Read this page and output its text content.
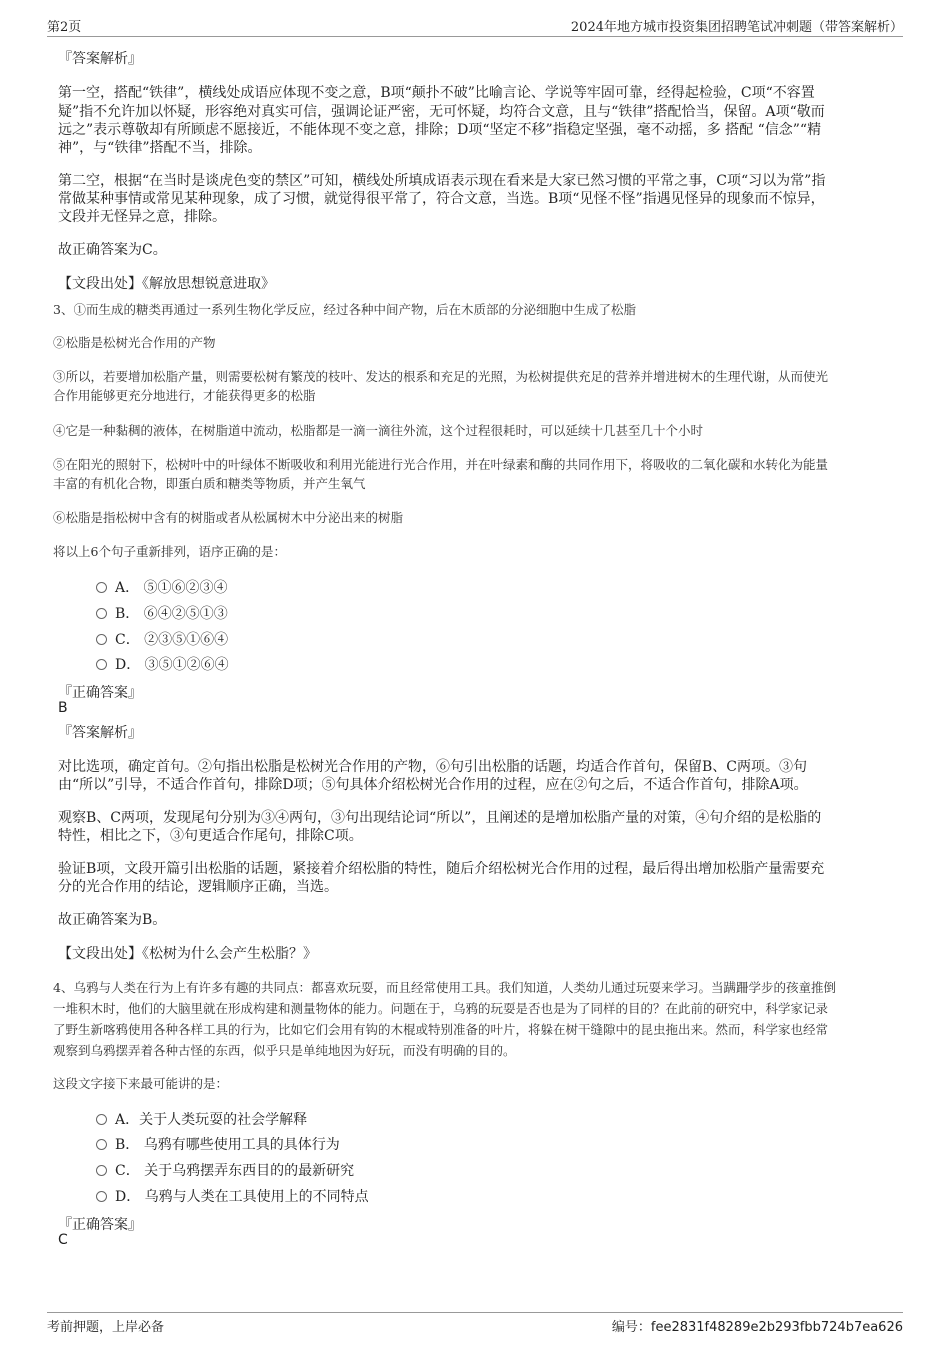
第2页	2024年地方城市投资集团招聘笔试冲刺题（带答案解析）
『答案解析』
第一空，搭配“铁律”，横线处成语应体现不变之意，B项“颠扑不破”比喻言论、学说等牢固可靠，经得起检验，C项“不容置
疑”指不允许加以怀疑，形容绝对真实可信，强调论证严密，无可怀疑，均符合文意，且与“铁律”搭配恰当，保留。A项“敬而
远之”表示尊敬却有所顾虑不愿接近，不能体现不变之意，排除；D项“坚定不移”指稳定坚强，毫不动摇，多 搭配 “信念”“精
神”，与“铁律”搭配不当，排除。
第二空，根据“在当时是谈虎色变的禁区”可知，横线处所填成语表示现在看来是大家已然习惯的平常之事，C项“习以为常”指
常做某种事情或常见某种现象，成了习惯，就觉得很平常了，符合文意，当选。B项“见怪不怪”指遇见怪异的现象而不惊异，
文段并无怪异之意，排除。
故正确答案为C。
【文段出处】《解放思想锐意进取》
3、①而生成的糖类再通过一系列生物化学反应，经过各种中间产物，后在木质部的分泌细胞中生成了松脂
②松脂是松树光合作用的产物
③所以，若要增加松脂产量，则需要松树有繁茂的枝叶、发达的根系和充足的光照，为松树提供充足的营养并增进树木的生理代谢，从而使光
合作用能够更充分地进行，才能获得更多的松脂
④它是一种黏稠的液体，在树脂道中流动，松脂都是一滴一滴往外流，这个过程很耗时，可以延续十几甚至几十个小时
⑤在阳光的照射下，松树叶中的叶绿体不断吸收和利用光能进行光合作用，并在叶绿素和酶的共同作用下，将吸收的二氧化碳和水转化为能量
丰富的有机化合物，即蛋白质和糖类等物质，并产生氧气
⑥松脂是指松树中含有的树脂或者从松属树木中分泌出来的树脂
将以上6个句子重新排列，语序正确的是：
A． ⑤①⑥②③④
B． ⑥④②⑤①③
C． ②③⑤①⑥④
D． ③⑤①②⑥④
『正确答案』
B
『答案解析』
对比选项，确定首句。②句指出松脂是松树光合作用的产物，⑥句引出松脂的话题，均适合作首句，保留B、C两项。③句
由“所以”引导，不适合作首句，排除D项；⑤句具体介绍松树光合作用的过程，应在②句之后，不适合作首句，排除A项。
观察B、C两项，发现尾句分别为③④两句，③句出现结论词“所以”，且阐述的是增加松脂产量的对策，④句介绍的是松脂的
特性，相比之下，③句更适合作尾句，排除C项。
验证B项，文段开篇引出松脂的话题，紧接着介绍松脂的特性，随后介绍松树光合作用的过程，最后得出增加松脂产量需要充
分的光合作用的结论，逻辑顺序正确，当选。
故正确答案为B。
【文段出处】《松树为什么会产生松脂？》
4、乌鸦与人类在行为上有许多有趣的共同点：都喜欢玩耍，而且经常使用工具。我们知道，人类幼儿通过玩耍来学习。当蹒跚学步的孩童推倒
一堆积木时，他们的大脑里就在形成构建和测量物体的能力。问题在于，乌鸦的玩耍是否也是为了同样的目的？在此前的研究中，科学家记录
了野生新喀鸦使用各种各样工具的行为，比如它们会用有钩的木棍或特别准备的叶片，将躲在树干缝隙中的昆虫拖出来。然而，科学家也经常
观察到乌鸦摆弄着各种古怪的东西，似乎只是单纯地因为好玩，而没有明确的目的。
这段文字接下来最可能讲的是：
A．关于人类玩耍的社会学解释
B． 乌鸦有哪些使用工具的具体行为
C． 关于乌鸦摆弄东西目的的最新研究
D． 乌鸦与人类在工具使用上的不同特点
『正确答案』
C
考前押题，上岸必备	编号：fee2831f48289e2b293fbb724b7ea626
